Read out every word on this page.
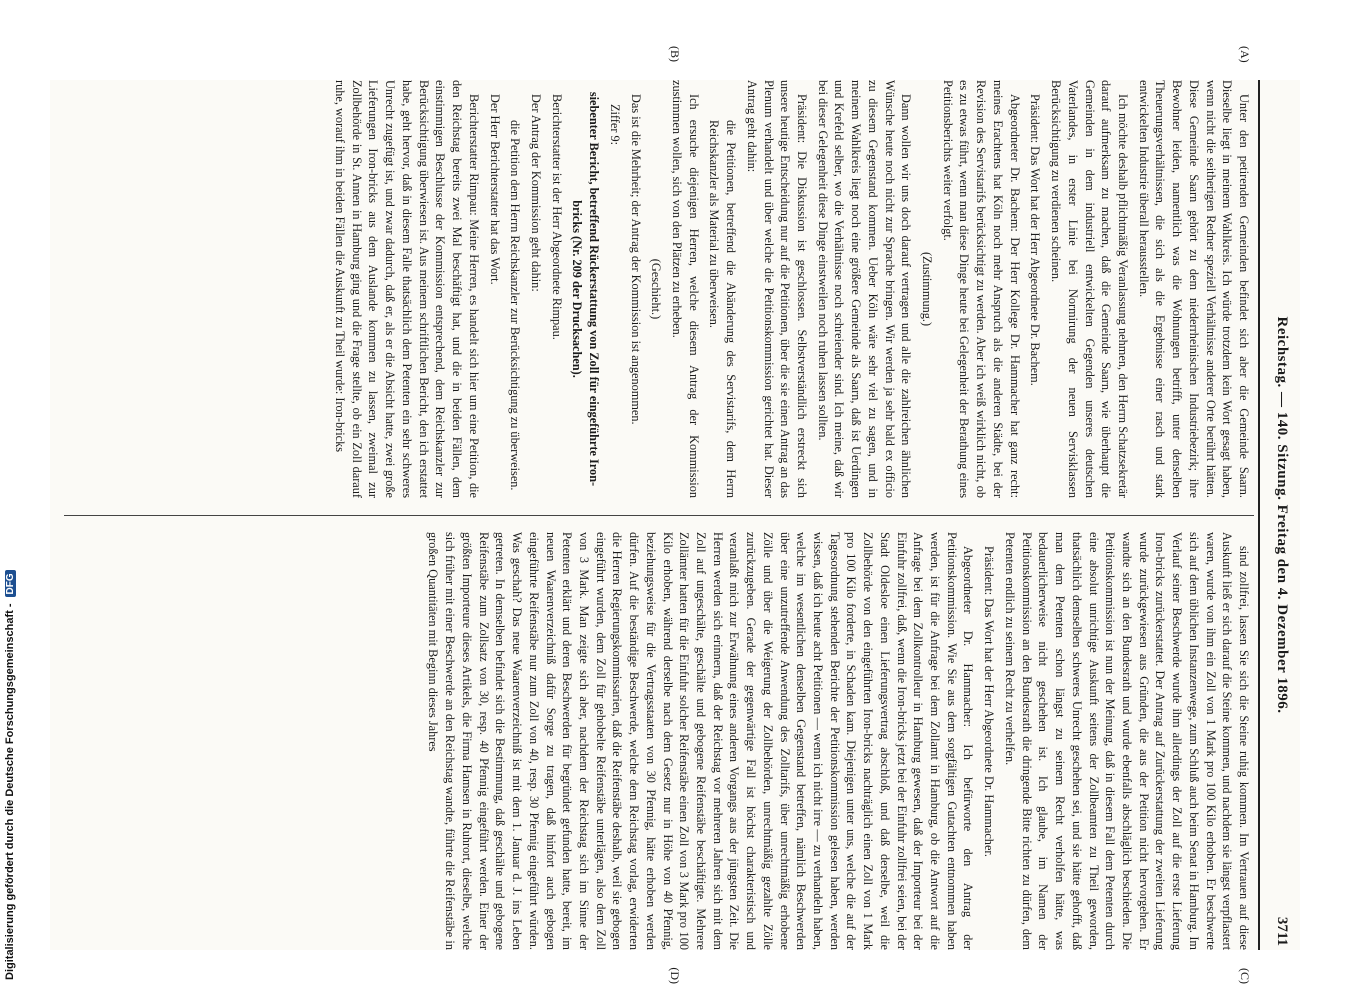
Reichstag. — 140. Sitzung. Freitag den 4. Dezember 1896.
3711
(A)
(B)
(C)
(D)

Unter den petirenden Gemeinden befindet sich aber die Gemeinde Saarn. Dieselbe liegt in meinem Wahlkreis. Ich würde trotzdem kein Wort gesagt haben, wenn nicht die seitherigen Redner speziell Verhältnisse anderer Orte berührt hätten. Diese Gemeinde Saarn gehört zu dem niederrheinischen Industriebezirk; ihre Bewohner leiden, namentlich was die Wohnungen betrifft, unter denselben Theuerungsverhältnissen, die sich als die Ergebnisse einer rasch und stark entwickelten Industrie überall herausstellen.

Ich möchte deshalb pflichtmäßig Veranlassung nehmen, den Herrn Schatzsekretär darauf aufmerksam zu machen, daß die Gemeinde Saarn, wie überhaupt die Gemeinden in dem industriell entwickelten Gegenden unseres deutschen Vaterlandes, in erster Linie bei Normirung der neuen Servisklassen Berücksichtigung zu verdienen scheinen.

Präsident: Das Wort hat der Herr Abgeordnete Dr. Bachem.

Abgeordneter Dr. Bachem: Der Herr Kollege Dr. Hammacher hat ganz recht: meines Erachtens hat Köln noch mehr Anspruch als die anderen Städte, bei der Revision des Servistarifs berücksichtigt zu werden. Aber ich weiß wirklich nicht, ob es zu etwas führt, wenn man diese Dinge heute bei Gelegenheit der Berathung eines Petitionsberichts weiter verfolgt.

(Zustimmung.)

Dann wollen wir uns doch darauf vertragen und alle die zahlreichen ähnlichen Wünsche heute noch nicht zur Sprache bringen. Wir werden ja sehr bald ex officio zu diesem Gegenstand kommen. Ueber Köln wäre sehr viel zu sagen, und in meinem Wahlkreis liegt noch eine größere Gemeinde als Saarn, daß ist Uerdingen und Krefeld selber, wo die Verhältnisse noch schreiender sind. Ich meine, daß wir bei dieser Gelegenheit diese Dinge einstweilen noch ruhen lassen sollten.

Präsident: Die Diskussion ist geschlossen. Selbstverständlich erstreckt sich unsere heutige Entscheidung nur auf die Petitionen, über die sie einen Antrag an das Plenum verhandelt und über welche die Petitionskommission gerichtet hat. Dieser Antrag geht dahin:

die Petitionen, betreffend die Abänderung des Servistarifs, dem Herrn Reichskanzler als Material zu überweisen.

Ich ersuche diejenigen Herren, welche diesem Antrag der Kommission zustimmen wollen, sich von den Plätzen zu erheben.

(Geschieht.)

Das ist die Mehrheit; der Antrag der Kommission ist angenommen.

Ziffer 9:

siebenter Bericht, betreffend Rückerstattung von Zoll für eingeführte Iron-bricks (Nr. 209 der Drucksachen).

Berichterstatter ist der Herr Abgeordnete Rimpau.

Der Antrag der Kommission geht dahin:

die Petition dem Herrn Reichskanzler zur Berücksichtigung zu überweisen.

Der Herr Berichterstatter hat das Wort.

Berichterstatter Rimpau: Meine Herren, es handelt sich hier um eine Petition, die den Reichstag bereits zwei Mal beschäftigt hat, und die in beiden Fällen, dem einstimmigen Beschlusse der Kommission entsprechend, dem Reichskanzler zur Berücksichtigung überwiesen ist. Aus meinem schriftlichen Bericht, den ich erstattet habe, geht hervor, daß in diesem Falle thatsächlich dem Petenten ein sehr schweres Unrecht zugefügt ist, und zwar dadurch, daß er, als er die Absicht hatte, zwei große Lieferungen Iron-bricks aus dem Auslande kommen zu lassen, zweimal zur Zollbehörde in St. Annen in Hamburg ging und die Frage stellte, ob ein Zoll darauf ruhe, worauf ihm in beiden Fällen die Auskunft zu Theil wurde: Iron-bricks

sind zollfrei, lassen Sie sich die Steine ruhig kommen. Im Vertrauen auf diese Auskunft ließ er sich darauf die Steine kommen, und nachdem sie längst verpflastert waren, wurde von ihm ein Zoll von 1 Mark pro 100 Kilo erhoben. Er beschwerte sich auf dem üblichen Instanzenwege, zum Schluß auch beim Senat in Hamburg. Im Verlauf seiner Beschwerde wurde ihm allerdings der Zoll auf die erste Lieferung Iron-bricks zurückerstattet. Der Antrag auf Zurückerstattung der zweiten Lieferung wurde zurückgewiesen aus Gründen, die aus der Petition nicht hervorgehen. Er wandte sich an den Bundesrath und wurde ebenfalls abschläglich beschieden. Die Petitionskommission ist nun der Meinung, daß in diesem Fall dem Petenten durch eine absolut unrichtige Auskunft seitens der Zollbeamten zu Theil geworden, thatsächlich demselben schweres Unrecht geschehen sei, und sie hätte gehofft, daß man dem Petenten schon längst zu seinem Recht verholfen hätte, was bedauerlicherweise nicht geschehen ist. Ich glaube, im Namen der Petitionskommission an den Bundesrath die dringende Bitte richten zu dürfen, dem Petenten endlich zu seinem Recht zu verhelfen.

Präsident: Das Wort hat der Herr Abgeordnete Dr. Hammacher.

Abgeordneter Dr. Hammacher: Ich befürworte den Antrag der Petitionskommission. Wie Sie aus dem sorgfältigen Gutachten entnommen haben werden, ist für die Anfrage bei dem Zollamt in Hamburg, ob die Antwort auf die Anfrage bei dem Zollkontrolleur in Hamburg gewesen, daß der Importeur bei der Einfuhr zollfrei, daß, wenn die Iron-bricks jetzt bei der Einfuhr zollfrei seien, bei der Stadt Oldesloe einen Lieferungsvertrag abschloß, und daß derselbe, weil die Zollbehörde von den eingeführten Iron-bricks nachträglich einen Zoll von 1 Mark pro 100 Kilo forderte, in Schaden kam. Diejenigen unter uns, welche die auf der Tagesordnung stehenden Berichte der Petitionskommission gelesen haben, werden wissen, daß ich heute acht Petitionen — wenn ich nicht irre — zu verhandeln haben, welche im wesentlichen denselben Gegenstand betreffen, nämlich Beschwerden über eine unzutreffende Anwendung des Zolltarifs, über unrechtmäßig erhobene Zölle und über die Weigerung der Zollbehörden, unrechtmäßig gezahlte Zölle zurückzugeben. Gerade der gegenwärtige Fall ist höchst charakteristisch und veranlaßt mich zur Erwähnung eines anderen Vorgangs aus der jüngsten Zeit. Die Herren werden sich erinnern, daß der Reichstag vor mehreren Jahren sich mit dem Zoll auf ungeschälte, geschälte und gebogene Reifenstäbe beschäftigte. Mehrere Zollämter hatten für die Einfuhr solcher Reifenstäbe einen Zoll von 3 Mark pro 100 Kilo erhoben, während derselbe nach dem Gesetz nur in Höhe von 40 Pfennig, beziehungsweise für die Vertragsstaaten von 30 Pfennig, hätte erhoben werden dürfen. Auf die beständige Beschwerde, welche dem Reichstag vorlag, erwiderten die Herren Regierungskommissarien, daß die Reifenstäbe deshalb, weil sie gebogen eingeführt wurden, dem Zoll für gehobelte Reifenstäbe unterlägen, also dem Zoll von 3 Mark. Man zeigte sich aber, nachdem der Reichstag sich im Sinne der Petenten erklärt und deren Beschwerden für begründet gefunden hatte, bereit, im neuen Waarenverzeichniß dafür Sorge zu tragen, daß hinfort auch gebogen eingeführte Reifenstäbe nur zum Zoll von 40, resp. 30 Pfennig eingeführt würden. Was geschah? Das neue Waarenverzeichniß ist mit dem 1. Januar d. J. ins Leben getreten. In demselben befindet sich die Bestimmung, daß geschälte und gebogene Reifenstäbe zum Zollsatz von 30, resp. 40 Pfennig eingeführt werden. Einer der größten Importeure dieses Artikels, die Firma Hamsen in Ruhrort, dieselbe, welche sich früher mit einer Beschwerde an den Reichstag wandte, führte die Reifenstäbe in großen Quantitäten mit Beginn dieses Jahres

Digitalisierung gefördert durch die Deutsche Forschungsgemeinschaft -DFG
